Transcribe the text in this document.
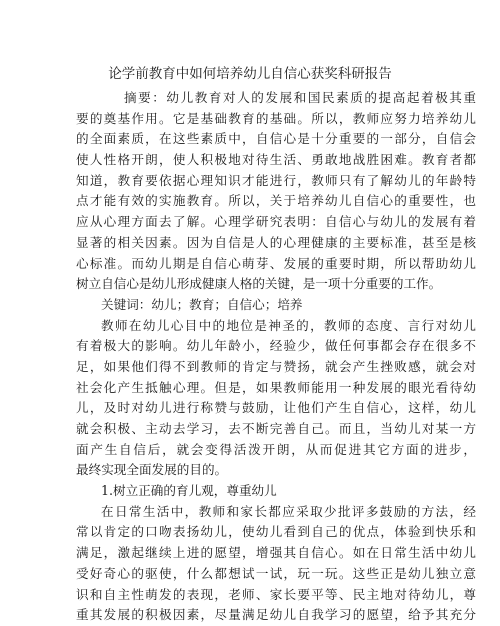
论学前教育中如何培养幼儿自信心获奖科研报告
摘要：幼儿教育对人的发展和国民素质的提高起着极其重
要的奠基作用。它是基础教育的基础。所以，教师应努力培养幼儿
的全面素质，在这些素质中，自信心是十分重要的一部分，自信会
使人性格开朗，使人积极地对待生活、勇敢地战胜困难。教育者都
知道，教育要依据心理知识才能进行，教师只有了解幼儿的年龄特
点才能有效的实施教育。所以，关于培养幼儿自信心的重要性，也
应从心理方面去了解。心理学研究表明：自信心与幼儿的发展有着
显著的相关因素。因为自信是人的心理健康的主要标准，甚至是核
心标准。而幼儿期是自信心萌芽、发展的重要时期，所以帮助幼儿
树立自信心是幼儿形成健康人格的关键，是一项十分重要的工作。
关键词：幼儿；教育；自信心；培养
教师在幼儿心目中的地位是神圣的，教师的态度、言行对幼儿
有着极大的影响。幼儿年龄小，经验少，做任何事都会存在很多不
足，如果他们得不到教师的肯定与赞扬，就会产生挫败感，就会对
社会化产生抵触心理。但是，如果教师能用一种发展的眼光看待幼
儿，及时对幼儿进行称赞与鼓励，让他们产生自信心，这样，幼儿
就会积极、主动去学习，去不断完善自己。而且，当幼儿对某一方
面产生自信后，就会变得活泼开朗，从而促进其它方面的进步，
最终实现全面发展的目的。
1.树立正确的育儿观，尊重幼儿
在日常生活中，教师和家长都应采取少批评多鼓励的方法，经
常以肯定的口吻表扬幼儿，使幼儿看到自己的优点，体验到快乐和
满足，激起继续上进的愿望，增强其自信心。如在日常生活中幼儿
受好奇心的驱使，什么都想试一试，玩一玩。这些正是幼儿独立意
识和自主性萌发的表现，老师、家长要平等、民主地对待幼儿，尊
重其发展的积极因素，尽量满足幼儿自我学习的愿望，给予其充分
